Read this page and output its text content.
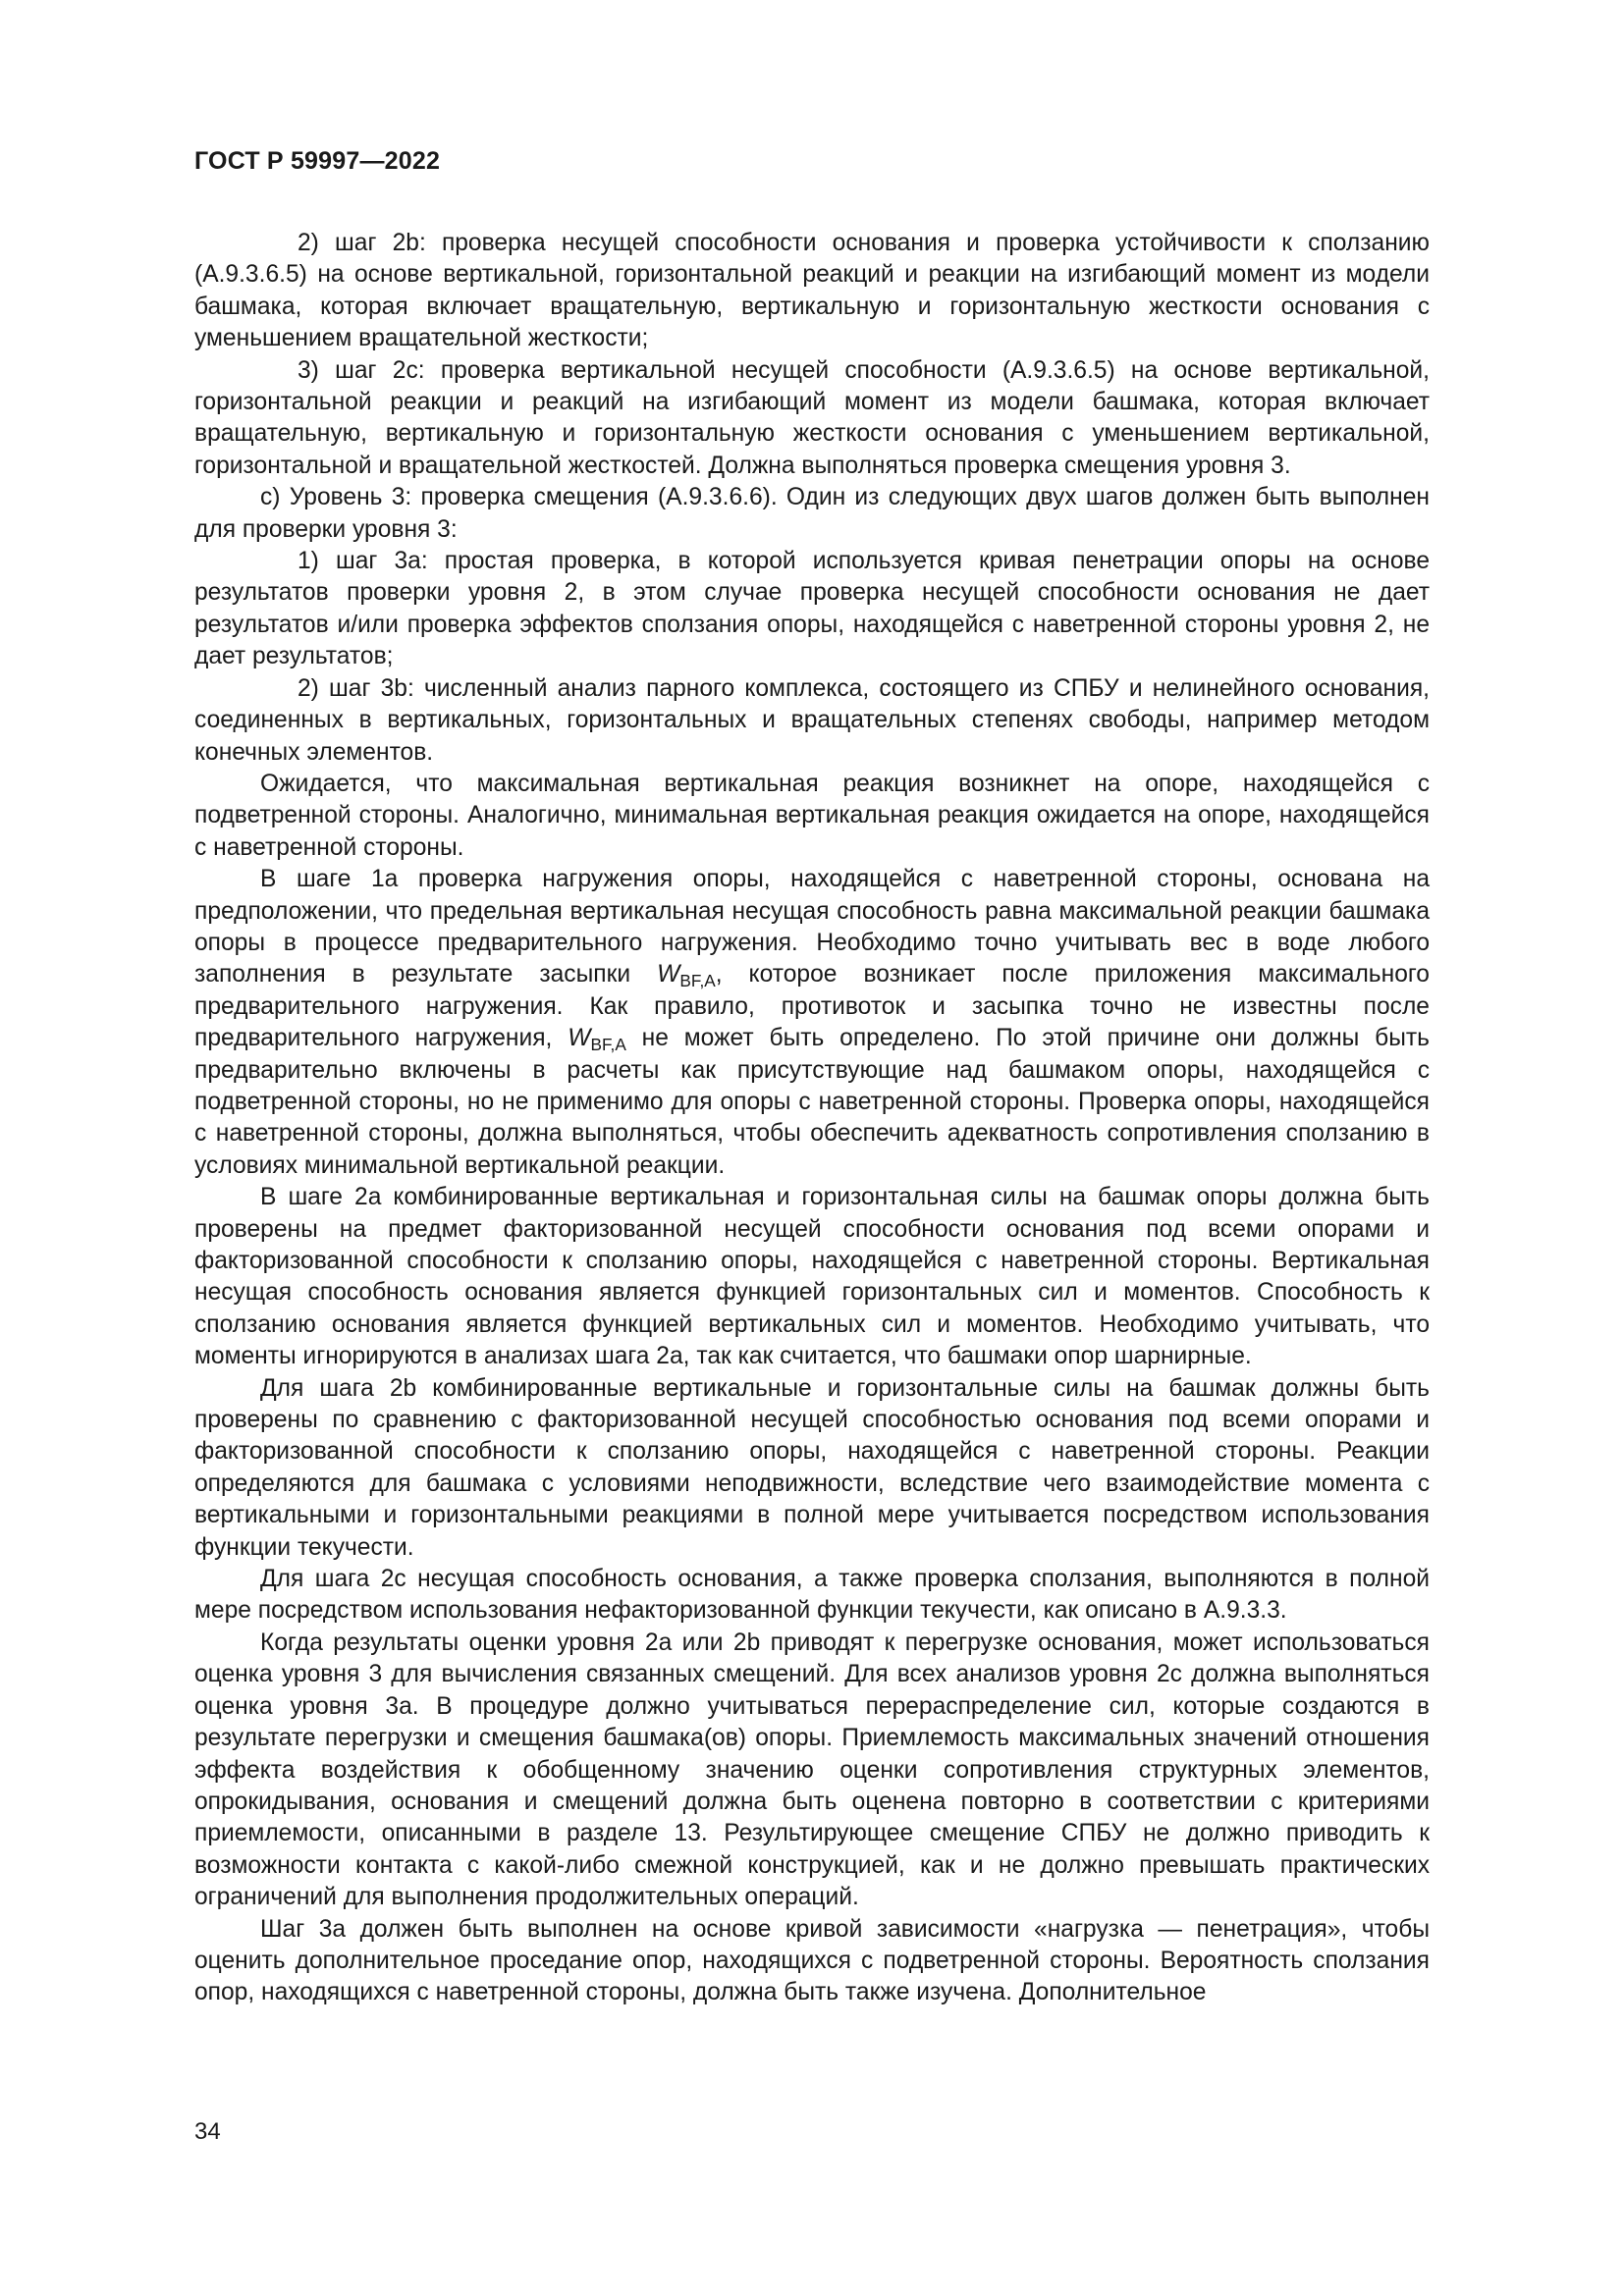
ГОСТ Р 59997—2022

2) шаг 2b: проверка несущей способности основания и проверка устойчивости к сползанию (A.9.3.6.5) на основе вертикальной, горизонтальной реакций и реакции на изгибающий момент из модели башмака, которая включает вращательную, вертикальную и горизонтальную жесткости основания с уменьшением вращательной жесткости;

3) шаг 2с: проверка вертикальной несущей способности (А.9.3.6.5) на основе вертикальной, горизонтальной реакции и реакций на изгибающий момент из модели башмака, которая включает вращательную, вертикальную и горизонтальную жесткости основания с уменьшением вертикальной, горизонтальной и вращательной жесткостей. Должна выполняться проверка смещения уровня 3.

с) Уровень 3: проверка смещения (А.9.3.6.6). Один из следующих двух шагов должен быть выполнен для проверки уровня 3:

1) шаг 3а: простая проверка, в которой используется кривая пенетрации опоры на основе результатов проверки уровня 2, в этом случае проверка несущей способности основания не дает результатов и/или проверка эффектов сползания опоры, находящейся с наветренной стороны уровня 2, не дает результатов;

2) шаг 3b: численный анализ парного комплекса, состоящего из СПБУ и нелинейного основания, соединенных в вертикальных, горизонтальных и вращательных степенях свободы, например методом конечных элементов.

Ожидается, что максимальная вертикальная реакция возникнет на опоре, находящейся с подветренной стороны. Аналогично, минимальная вертикальная реакция ожидается на опоре, находящейся с наветренной стороны.

В шаге 1а проверка нагружения опоры, находящейся с наветренной стороны, основана на предположении, что предельная вертикальная несущая способность равна максимальной реакции башмака опоры в процессе предварительного нагружения. Необходимо точно учитывать вес в воде любого заполнения в результате засыпки $W_{BF,A}$, которое возникает после приложения максимального предварительного нагружения. Как правило, противоток и засыпка точно не известны после предварительного нагружения, $W_{BF,A}$ не может быть определено. По этой причине они должны быть предварительно включены в расчеты как присутствующие над башмаком опоры, находящейся с подветренной стороны, но не применимо для опоры с наветренной стороны. Проверка опоры, находящейся с наветренной стороны, должна выполняться, чтобы обеспечить адекватность сопротивления сползанию в условиях минимальной вертикальной реакции.

В шаге 2а комбинированные вертикальная и горизонтальная силы на башмак опоры должна быть проверены на предмет факторизованной несущей способности основания под всеми опорами и факторизованной способности к сползанию опоры, находящейся с наветренной стороны. Вертикальная несущая способность основания является функцией горизонтальных сил и моментов. Способность к сползанию основания является функцией вертикальных сил и моментов. Необходимо учитывать, что моменты игнорируются в анализах шага 2а, так как считается, что башмаки опор шарнирные.

Для шага 2b комбинированные вертикальные и горизонтальные силы на башмак должны быть проверены по сравнению с факторизованной несущей способностью основания под всеми опорами и факторизованной способности к сползанию опоры, находящейся с наветренной стороны. Реакции определяются для башмака с условиями неподвижности, вследствие чего взаимодействие момента с вертикальными и горизонтальными реакциями в полной мере учитывается посредством использования функции текучести.

Для шага 2с несущая способность основания, а также проверка сползания, выполняются в полной мере посредством использования нефакторизованной функции текучести, как описано в А.9.3.3.

Когда результаты оценки уровня 2а или 2b приводят к перегрузке основания, может использоваться оценка уровня 3 для вычисления связанных смещений. Для всех анализов уровня 2с должна выполняться оценка уровня 3а. В процедуре должно учитываться перераспределение сил, которые создаются в результате перегрузки и смещения башмака(ов) опоры. Приемлемость максимальных значений отношения эффекта воздействия к обобщенному значению оценки сопротивления структурных элементов, опрокидывания, основания и смещений должна быть оценена повторно в соответствии с критериями приемлемости, описанными в разделе 13. Результирующее смещение СПБУ не должно приводить к возможности контакта с какой-либо смежной конструкцией, как и не должно превышать практических ограничений для выполнения продолжительных операций.

Шаг 3а должен быть выполнен на основе кривой зависимости «нагрузка — пенетрация», чтобы оценить дополнительное проседание опор, находящихся с подветренной стороны. Вероятность сползания опор, находящихся с наветренной стороны, должна быть также изучена. Дополнительное

34
